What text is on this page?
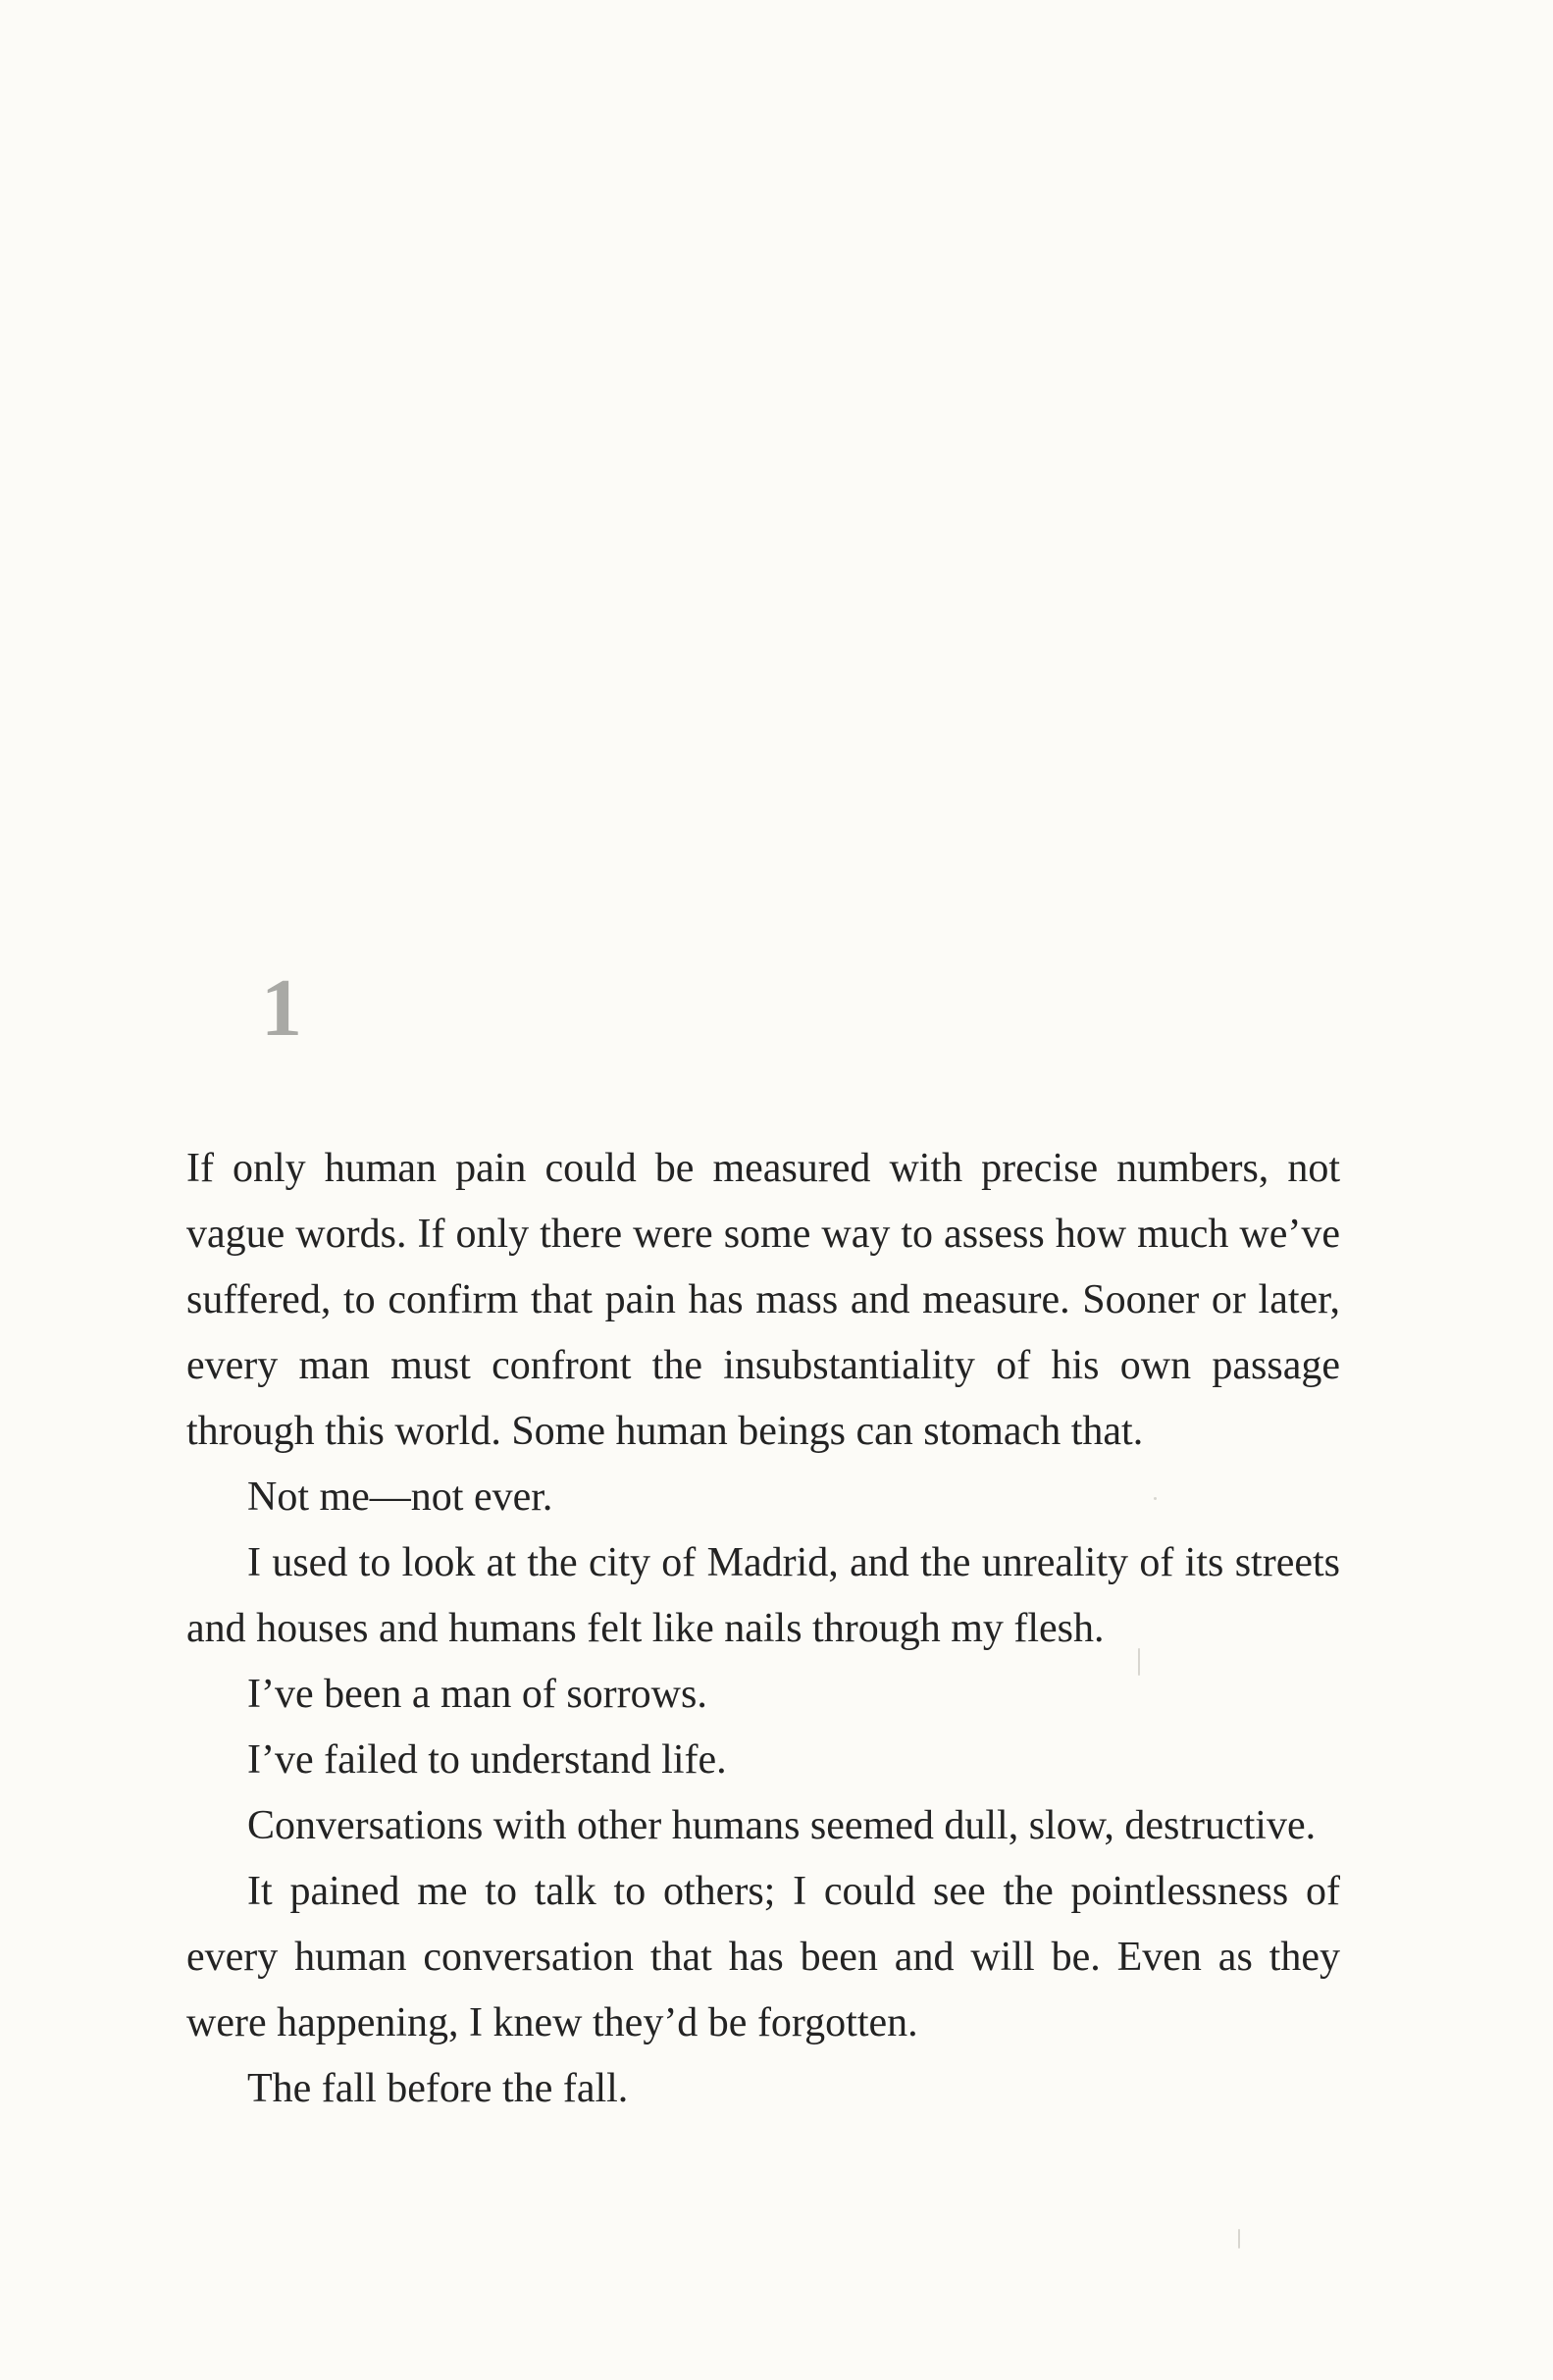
1

If only human pain could be measured with precise numbers, not vague words. If only there were some way to assess how much we’ve suffered, to confirm that pain has mass and measure. Sooner or later, every man must confront the insubstantiality of his own passage through this world. Some human beings can stomach that.

Not me—not ever.

I used to look at the city of Madrid, and the unreality of its streets and houses and humans felt like nails through my flesh.

I’ve been a man of sorrows.

I’ve failed to understand life.

Conversations with other humans seemed dull, slow, destructive.

It pained me to talk to others; I could see the pointlessness of every human conversation that has been and will be. Even as they were happening, I knew they’d be forgotten.

The fall before the fall.
